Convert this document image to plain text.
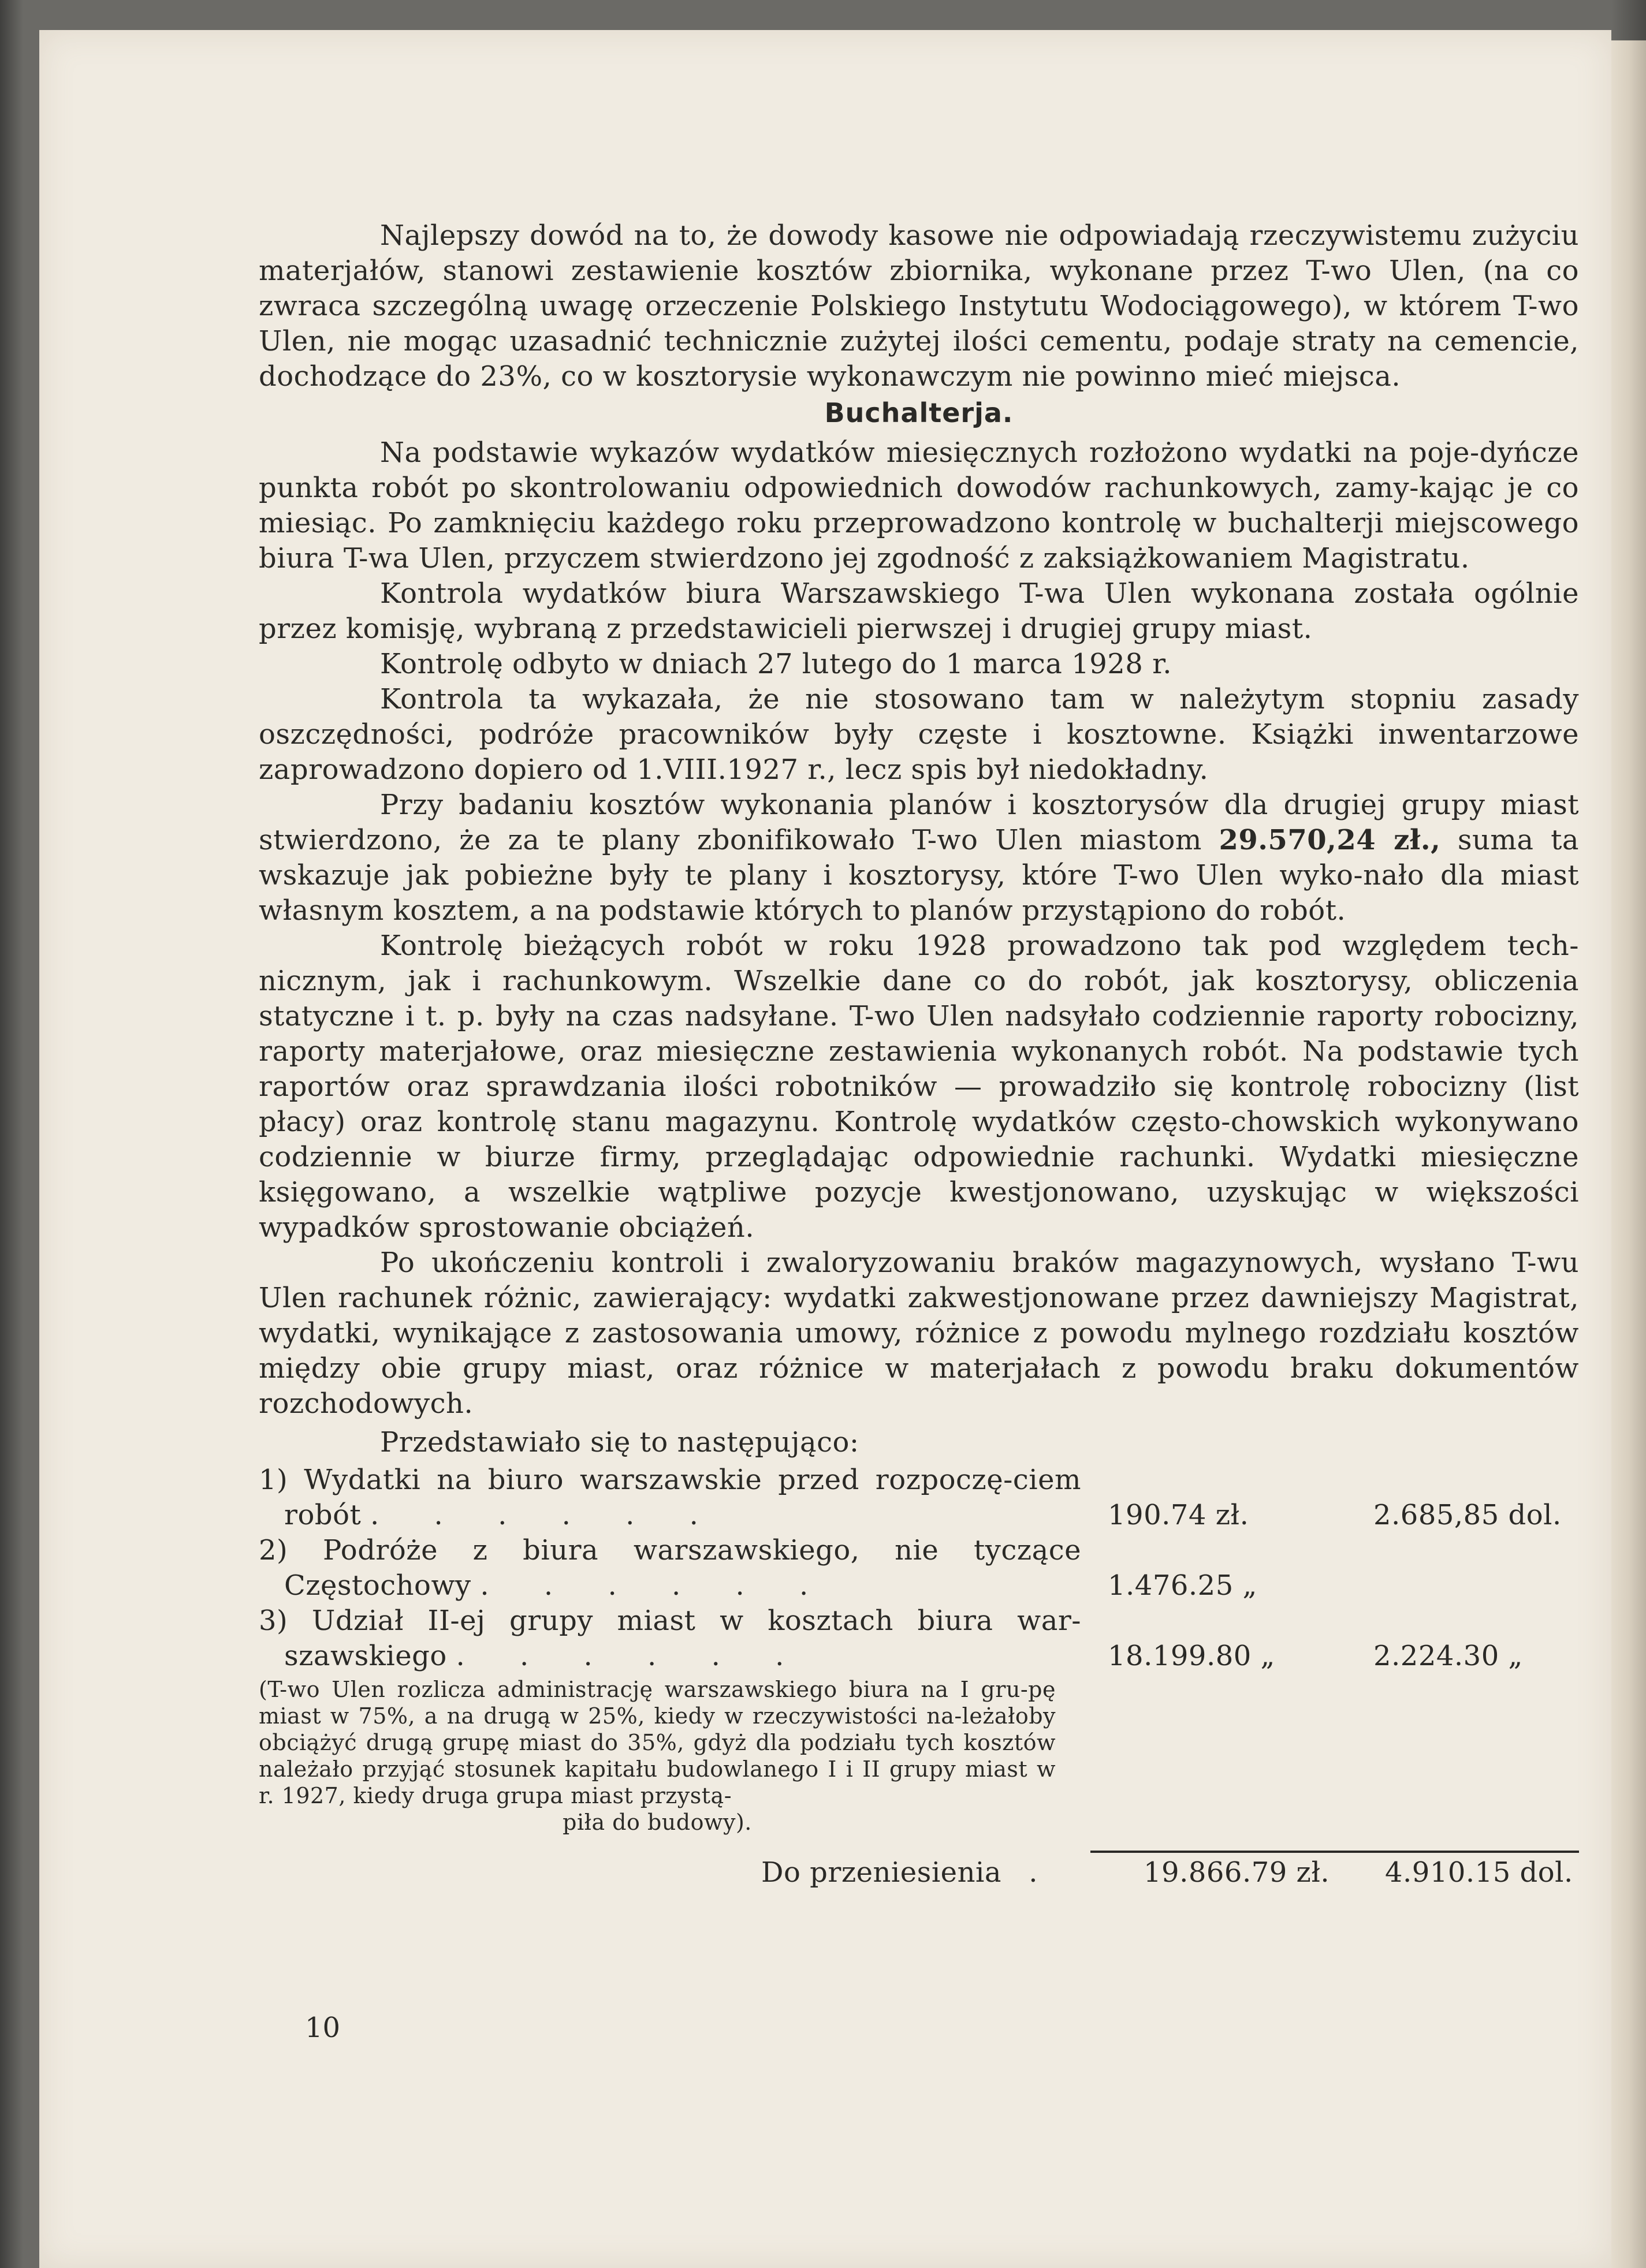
Najlepszy dowód na to, że dowody kasowe nie odpowiadają rzeczywistemu zużyciu materjałów, stanowi zestawienie kosztów zbiornika, wykonane przez T-wo Ulen, (na co zwraca szczególną uwagę orzeczenie Polskiego Instytutu Wodociągowego), w którem T-wo Ulen, nie mogąc uzasadnić technicznie zużytej ilości cementu, podaje straty na cemencie, dochodzące do 23%, co w kosztorysie wykonawczym nie powinno mieć miejsca.

Buchalterja.

Na podstawie wykazów wydatków miesięcznych rozłożono wydatki na poje-dyńcze punkta robót po skontrolowaniu odpowiednich dowodów rachunkowych, zamy-kając je co miesiąc. Po zamknięciu każdego roku przeprowadzono kontrolę w buchalterji miejscowego biura T-wa Ulen, przyczem stwierdzono jej zgodność z zaksiążkowaniem Magistratu.

Kontrola wydatków biura Warszawskiego T-wa Ulen wykonana została ogólnie przez komisję, wybraną z przedstawicieli pierwszej i drugiej grupy miast.

Kontrolę odbyto w dniach 27 lutego do 1 marca 1928 r.

Kontrola ta wykazała, że nie stosowano tam w należytym stopniu zasady oszczędności, podróże pracowników były częste i kosztowne. Książki inwentarzowe zaprowadzono dopiero od 1.VIII.1927 r., lecz spis był niedokładny.

Przy badaniu kosztów wykonania planów i kosztorysów dla drugiej grupy miast stwierdzono, że za te plany zbonifikowało T-wo Ulen miastom 29.570,24 zł., suma ta wskazuje jak pobieżne były te plany i kosztorysy, które T-wo Ulen wyko-nało dla miast własnym kosztem, a na podstawie których to planów przystąpiono do robót.

Kontrolę bieżących robót w roku 1928 prowadzono tak pod względem tech-nicznym, jak i rachunkowym. Wszelkie dane co do robót, jak kosztorysy, obliczenia statyczne i t. p. były na czas nadsyłane. T-wo Ulen nadsyłało codziennie raporty robocizny, raporty materjałowe, oraz miesięczne zestawienia wykonanych robót. Na podstawie tych raportów oraz sprawdzania ilości robotników — prowadziło się kontrolę robocizny (list płacy) oraz kontrolę stanu magazynu. Kontrolę wydatków często-chowskich wykonywano codziennie w biurze firmy, przeglądając odpowiednie rachunki. Wydatki miesięczne księgowano, a wszelkie wątpliwe pozycje kwestjonowano, uzyskując w większości wypadków sprostowanie obciążeń.

Po ukończeniu kontroli i zwaloryzowaniu braków magazynowych, wysłano T-wu Ulen rachunek różnic, zawierający: wydatki zakwestjonowane przez dawniejszy Magistrat, wydatki, wynikające z zastosowania umowy, różnice z powodu mylnego rozdziału kosztów między obie grupy miast, oraz różnice w materjałach z powodu braku dokumentów rozchodowych.

Przedstawiało się to następująco:

1) Wydatki na biuro warszawskie przed rozpoczę-ciem robót . . . . . .	190.74 zł.	2.685,85 dol.
2) Podróże z biura warszawskiego, nie tyczące Częstochowy . . . . . .	1.476.25 „
3) Udział II-ej grupy miast w kosztach biura war-szawskiego . . . . . .	18.199.80 „	2.224.30 „
(T-wo Ulen rozlicza administrację warszawskiego biura na I gru-pę miast w 75%, a na drugą w 25%, kiedy w rzeczywistości na-leżałoby obciążyć drugą grupę miast do 35%, gdyż dla podziału tych kosztów należało przyjąć stosunek kapitału budowlanego I i II grupy miast w r. 1927, kiedy druga grupa miast przystą-
piła do budowy).
Do przeniesienia .	19.866.79 zł. 4.910.15 dol.
10
